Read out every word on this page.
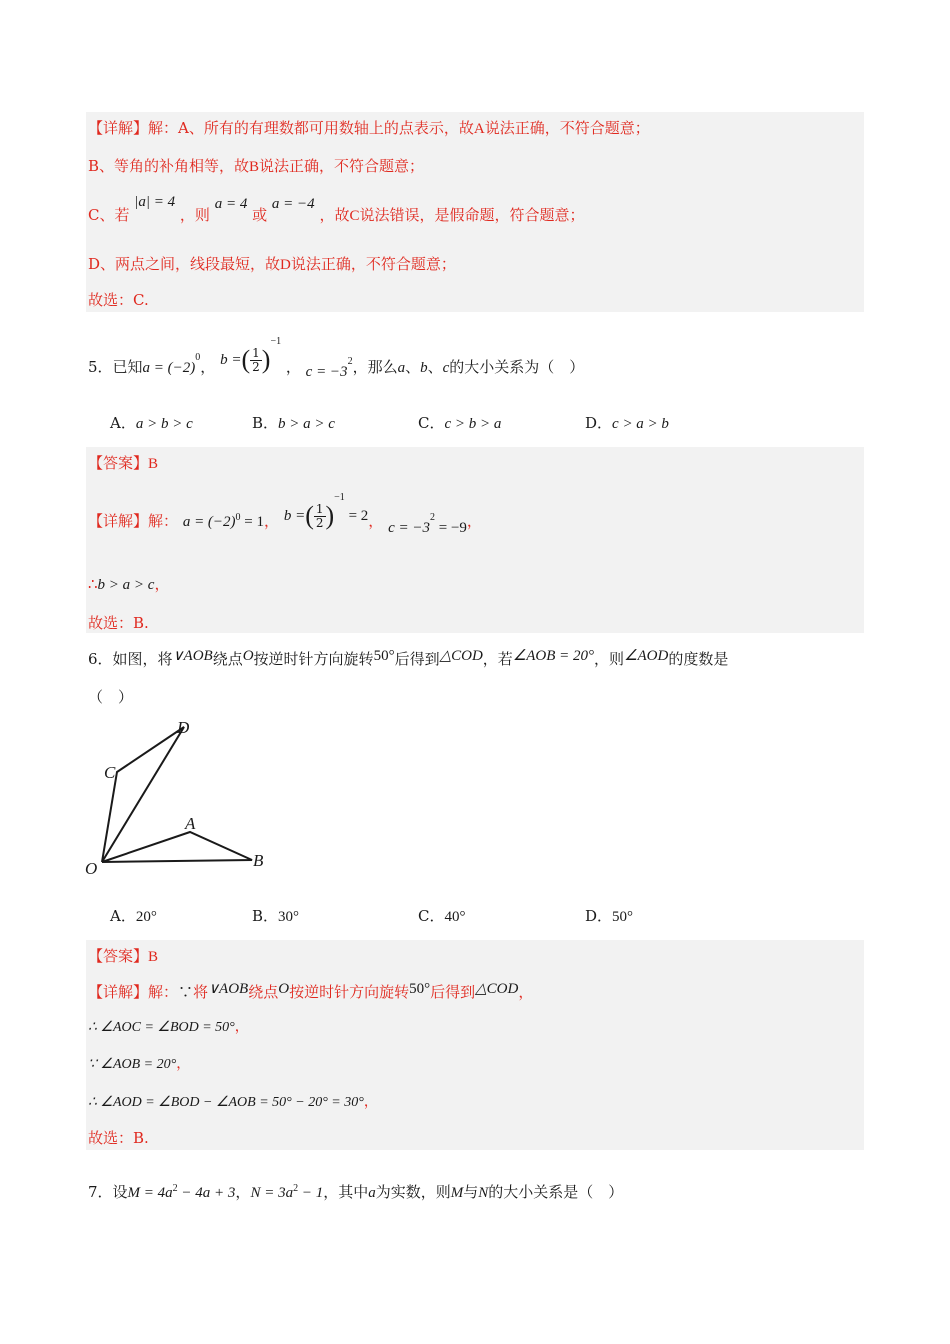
【详解】解：A、所有的有理数都可用数轴上的点表示，故A说法正确，不符合题意；
B、等角的补角相等，故B说法正确，不符合题意；
C、若 |a| = 4 ，则 a = 4 或 a = −4 ，故C说法错误，是假命题，符合题意；
D、两点之间，线段最短，故D说法正确，不符合题意；
故选：C.
5．已知$a = (-2)^0$， b =( $\frac{1}{2} )^{-1}$ ， $c = -3^2$，那么a、b、c的大小关系为（　）
A．a > b > c	B．b > a > c	C．c > b > a	D．c > a > b
【答案】B
【详解】解： $a = (-2)^0 = 1$， b =( $\frac{1}{2} )^{-1} = 2$， $c = -3^2 = -9$，
∴b > a > c，
故选：B.
6．如图，将∨AOB绕点O按逆时针方向旋转50°后得到△COD，若∠AOB = 20°，则∠AOD的度数是
（　）
D
C
A
O	B
A．20°	B．30°	C．40°	D．50°
【答案】B
【详解】解：∵将∨AOB绕点O按逆时针方向旋转50°后得到△COD，
∴ ∠AOC = ∠BOD = 50°，
∵ ∠AOB = 20°，
∴ ∠AOD = ∠BOD − ∠AOB = 50° − 20° = 30°，
故选：B.
7．设$M = 4a^2 - 4a + 3$，$N = 3a^2 - 1$，其中a为实数，则M与N的大小关系是（　）
